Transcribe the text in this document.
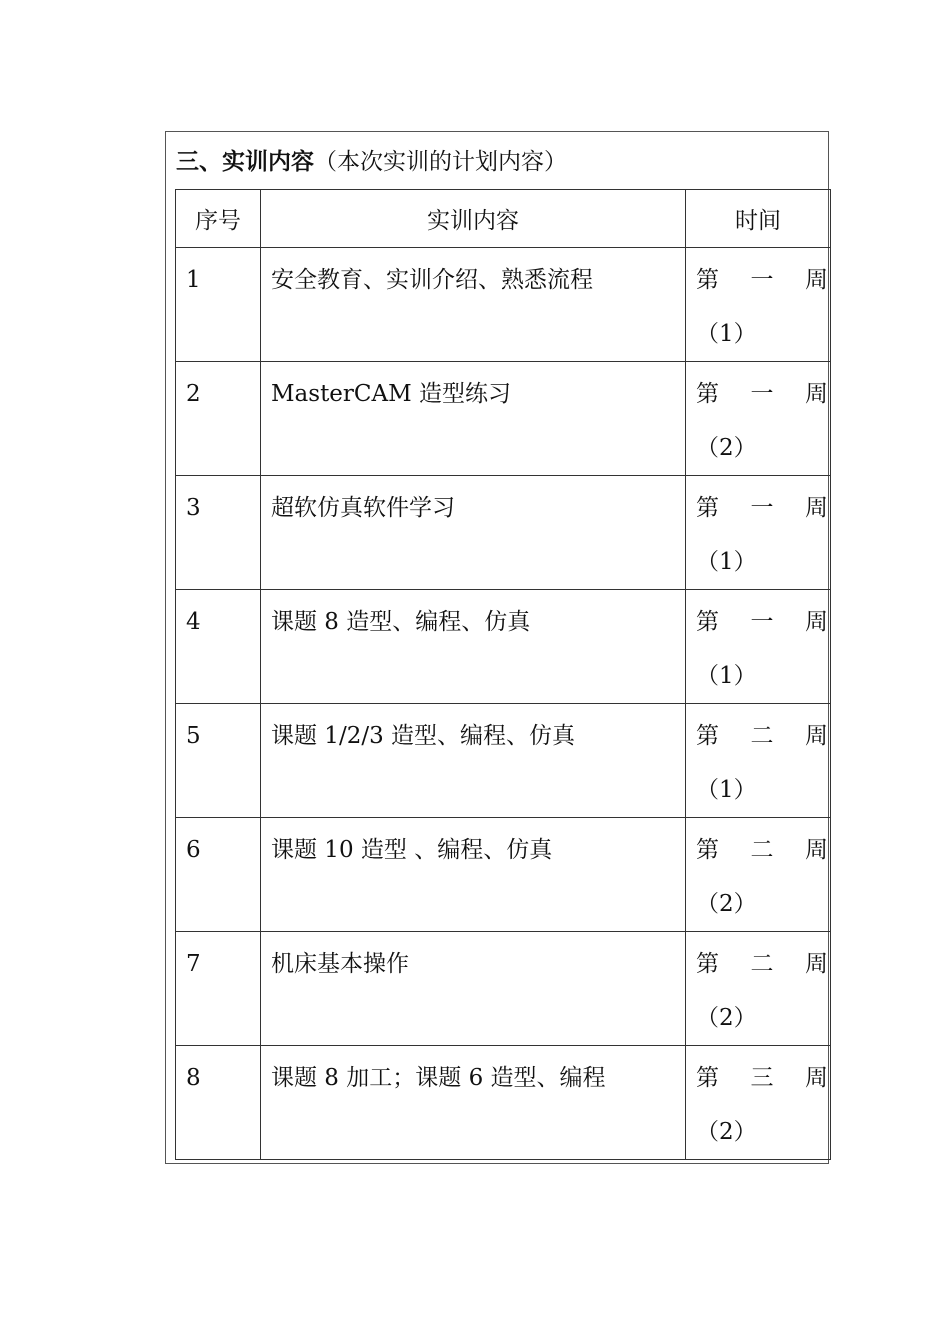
三、实训内容（本次实训的计划内容）
序号	实训内容	时间

1	安全教育、实训介绍、熟悉流程	第 一 周
（1）

2	MasterCAM 造型练习	第 一 周
（2）

3	超软仿真软件学习	第 一 周
（1）

4	课题 8 造型、编程、仿真	第 一 周
（1）

5	课题 1/2/3 造型、编程、仿真	第 二 周
（1）

6	课题 10 造型 、编程、仿真	第 二 周
（2）

7	机床基本操作	第 二 周
（2）

8	课题 8 加工；课题 6 造型、编程	第 三 周
（2）
